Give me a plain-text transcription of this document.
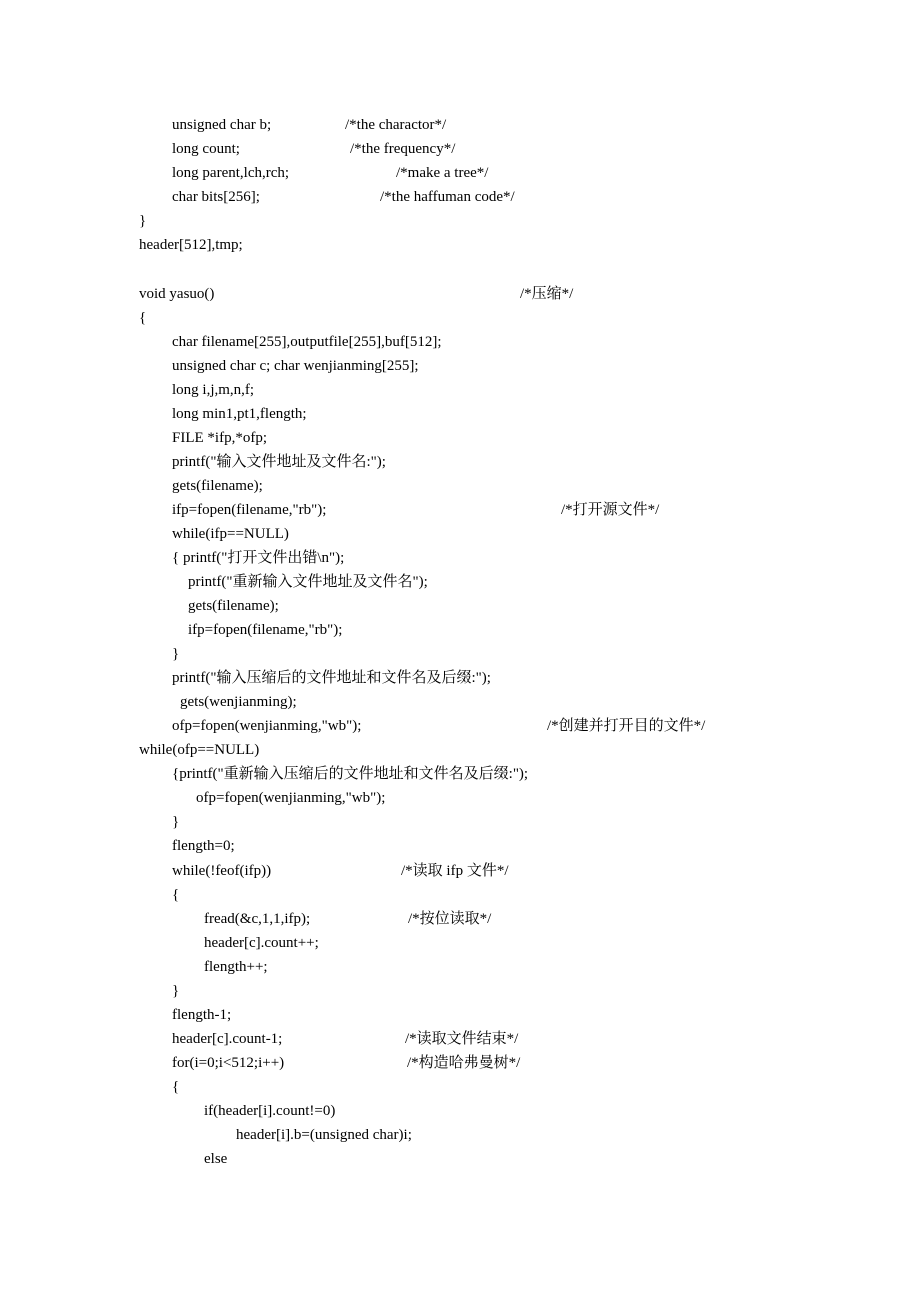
unsigned char b;	/*the charactor*/
long count;	/*the frequency*/
long parent,lch,rch;	/*make a tree*/
char bits[256];	/*the haffuman code*/
}
header[512],tmp;
void yasuo()	/*压缩*/
{
char filename[255],outputfile[255],buf[512];
unsigned char c; char wenjianming[255];
long i,j,m,n,f;
long min1,pt1,flength;
FILE *ifp,*ofp;
printf("输入文件地址及文件名:");
gets(filename);
ifp=fopen(filename,"rb");	/*打开源文件*/
while(ifp==NULL)
{ printf("打开文件出错\n");
printf("重新输入文件地址及文件名");
gets(filename);
ifp=fopen(filename,"rb");
}
printf("输入压缩后的文件地址和文件名及后缀:");
gets(wenjianming);
ofp=fopen(wenjianming,"wb");	/*创建并打开目的文件*/
while(ofp==NULL)
{printf("重新输入压缩后的文件地址和文件名及后缀:");
ofp=fopen(wenjianming,"wb");
}
flength=0;
while(!feof(ifp))	/*读取 ifp 文件*/
{
fread(&c,1,1,ifp);	/*按位读取*/
header[c].count++;
flength++;
}
flength-1;
header[c].count-1;	/*读取文件结束*/
for(i=0;i<512;i++)	/*构造哈弗曼树*/
{
if(header[i].count!=0)
header[i].b=(unsigned char)i;
else
